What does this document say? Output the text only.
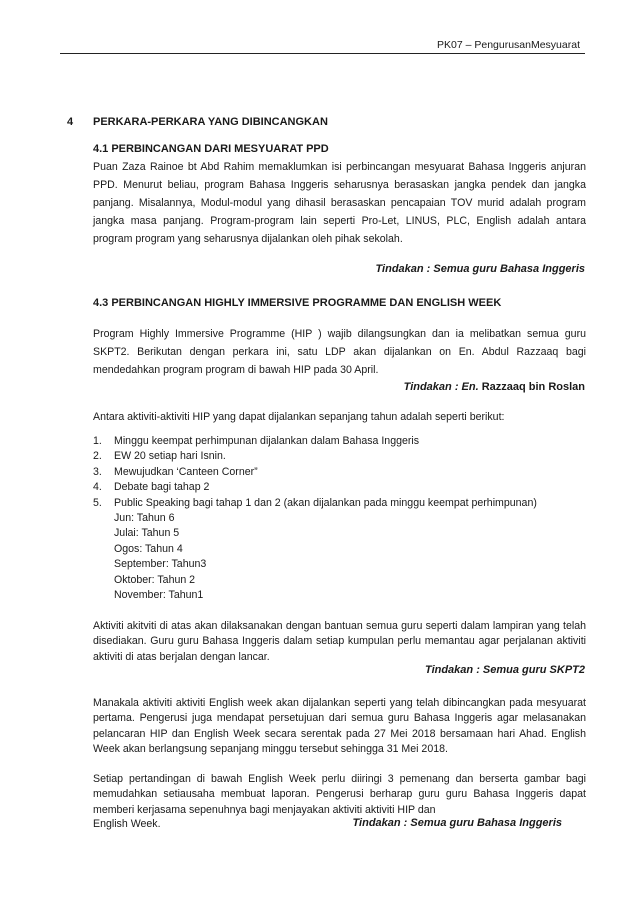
PK07 – PengurusanMesyuarat
4 PERKARA-PERKARA YANG DIBINCANGKAN
4.1 PERBINCANGAN DARI MESYUARAT PPD
Puan Zaza Rainoe bt Abd Rahim memaklumkan isi perbincangan mesyuarat Bahasa Inggeris anjuran PPD. Menurut beliau, program Bahasa Inggeris seharusnya berasaskan jangka pendek dan jangka panjang. Misalannya, Modul-modul yang dihasil berasaskan pencapaian TOV murid adalah program jangka masa panjang. Program-program lain seperti Pro-Let, LINUS, PLC, English adalah antara program program yang seharusnya dijalankan oleh pihak sekolah.
Tindakan : Semua guru Bahasa Inggeris
4.3 PERBINCANGAN HIGHLY IMMERSIVE PROGRAMME DAN ENGLISH WEEK
Program Highly Immersive Programme (HIP ) wajib dilangsungkan dan ia melibatkan semua guru SKPT2. Berikutan dengan perkara ini, satu LDP akan dijalankan on En. Abdul Razzaaq bagi mendedahkan program program di bawah HIP pada 30 April.
Tindakan : En. Razzaaq bin Roslan
Antara aktiviti-aktiviti HIP yang dapat dijalankan sepanjang tahun adalah seperti berikut:
1. Minggu keempat perhimpunan dijalankan dalam Bahasa Inggeris
2. EW 20 setiap hari Isnin.
3. Mewujudkan ‘Canteen Corner”
4. Debate bagi tahap 2
5. Public Speaking bagi tahap 1 dan 2 (akan dijalankan pada minggu keempat perhimpunan)
Jun: Tahun 6
Julai: Tahun 5
Ogos: Tahun 4
September: Tahun3
Oktober: Tahun 2
November: Tahun1
Aktiviti akitviti di atas akan dilaksanakan dengan bantuan semua guru seperti dalam lampiran yang telah disediakan. Guru guru Bahasa Inggeris dalam setiap kumpulan perlu memantau agar perjalanan aktiviti aktiviti di atas berjalan dengan lancar.
Tindakan : Semua guru SKPT2
Manakala aktiviti aktiviti English week akan dijalankan seperti yang telah dibincangkan pada mesyuarat pertama. Pengerusi juga mendapat persetujuan dari semua guru Bahasa Inggeris agar melasanakan pelancaran HIP dan English Week secara serentak pada 27 Mei 2018 bersamaan hari Ahad. English Week akan berlangsung sepanjang minggu tersebut sehingga 31 Mei 2018.
Setiap pertandingan di bawah English Week perlu diiringi 3 pemenang dan berserta gambar bagi memudahkan setiausaha membuat laporan. Pengerusi berharap guru guru Bahasa Inggeris dapat memberi kerjasama sepenuhnya bagi menjayakan aktiviti aktiviti HIP dan
English Week.	Tindakan : Semua guru Bahasa Inggeris
